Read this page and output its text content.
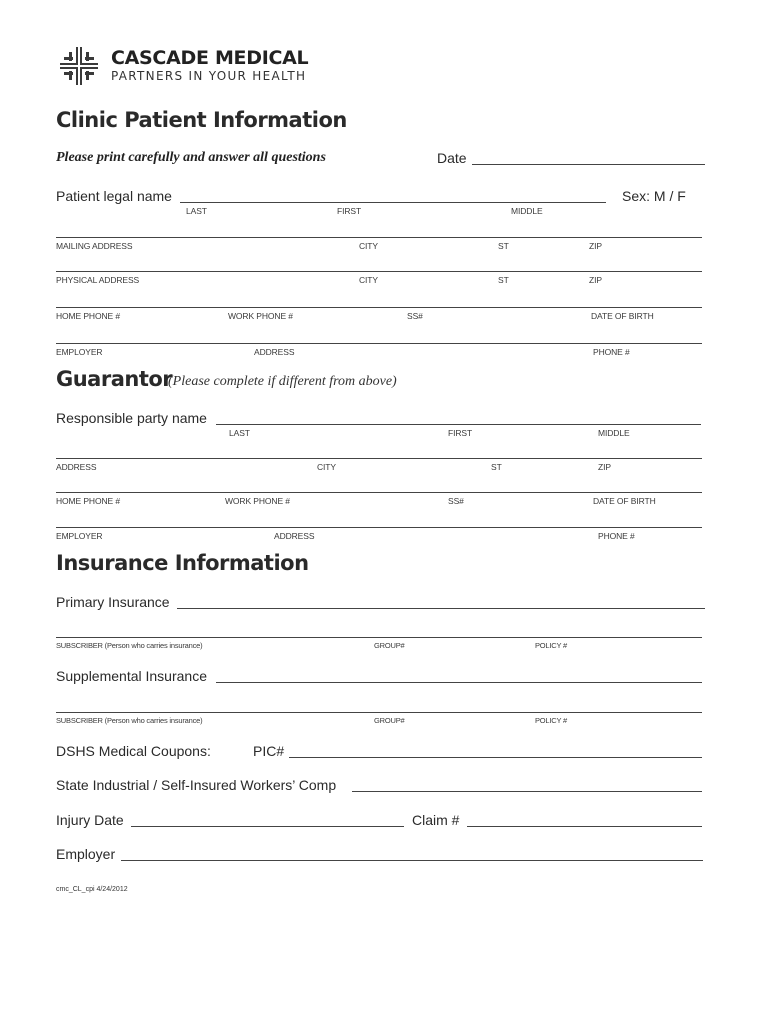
CASCADE MEDICAL
PARTNERS IN YOUR HEALTH
Clinic Patient Information
Please print carefully and answer all questions	Date
Patient legal name	Sex: M / F
LAST	FIRST	MIDDLE
MAILING ADDRESS	CITY	ST	ZIP
PHYSICAL ADDRESS	CITY	ST	ZIP
HOME PHONE #	WORK PHONE #	SS#	DATE OF BIRTH
EMPLOYER	ADDRESS	PHONE #
Guarantor
(Please complete if different from above)
Responsible party name
LAST	FIRST	MIDDLE
ADDRESS	CITY	ST	ZIP
HOME PHONE #	WORK PHONE #	SS#	DATE OF BIRTH
EMPLOYER	ADDRESS	PHONE #
Insurance Information
Primary Insurance
SUBSCRIBER (Person who carries insurance)	GROUP#	POLICY #
Supplemental Insurance
SUBSCRIBER (Person who carries insurance)	GROUP#	POLICY #
DSHS Medical Coupons:	PIC#
State Industrial / Self-Insured Workers’ Comp
Injury Date	Claim #
Employer
cmc_CL_cpi 4/24/2012
